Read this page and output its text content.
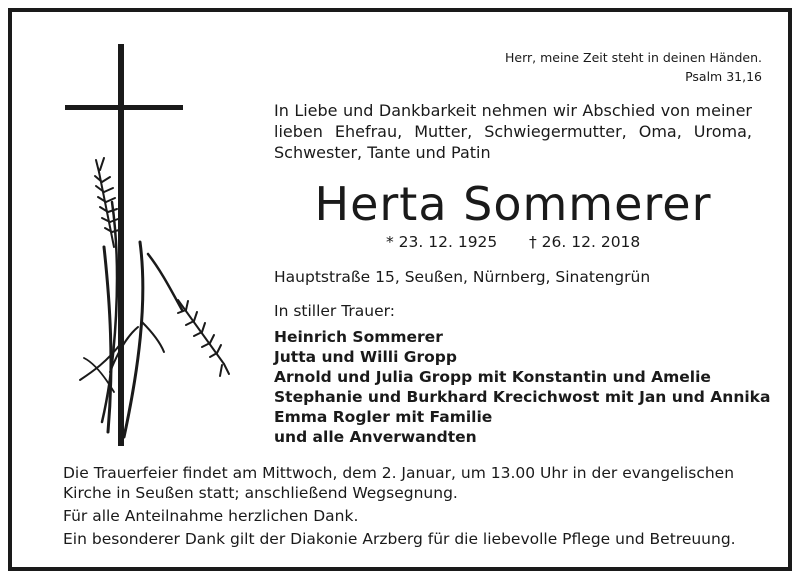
Herr, meine Zeit steht in deinen Händen.
Psalm 31,16
In Liebe und Dankbarkeit nehmen wir Abschied von meiner lieben Ehefrau, Mutter, Schwiegermutter, Oma, Uroma, Schwester, Tante und Patin
Herta Sommerer
* 23. 12. 1925 † 26. 12. 2018
Hauptstraße 15, Seußen, Nürnberg, Sinatengrün
In stiller Trauer:
Heinrich Sommerer
Jutta und Willi Gropp
Arnold und Julia Gropp mit Konstantin und Amelie
Stephanie und Burkhard Krecichwost mit Jan und Annika
Emma Rogler mit Familie
und alle Anverwandten

Die Trauerfeier findet am Mittwoch, dem 2. Januar, um 13.00 Uhr in der evangelischen Kirche in Seußen statt; anschließend Wegsegnung.

Für alle Anteilnahme herzlichen Dank.

Ein besonderer Dank gilt der Diakonie Arzberg für die liebevolle Pflege und Betreuung.
